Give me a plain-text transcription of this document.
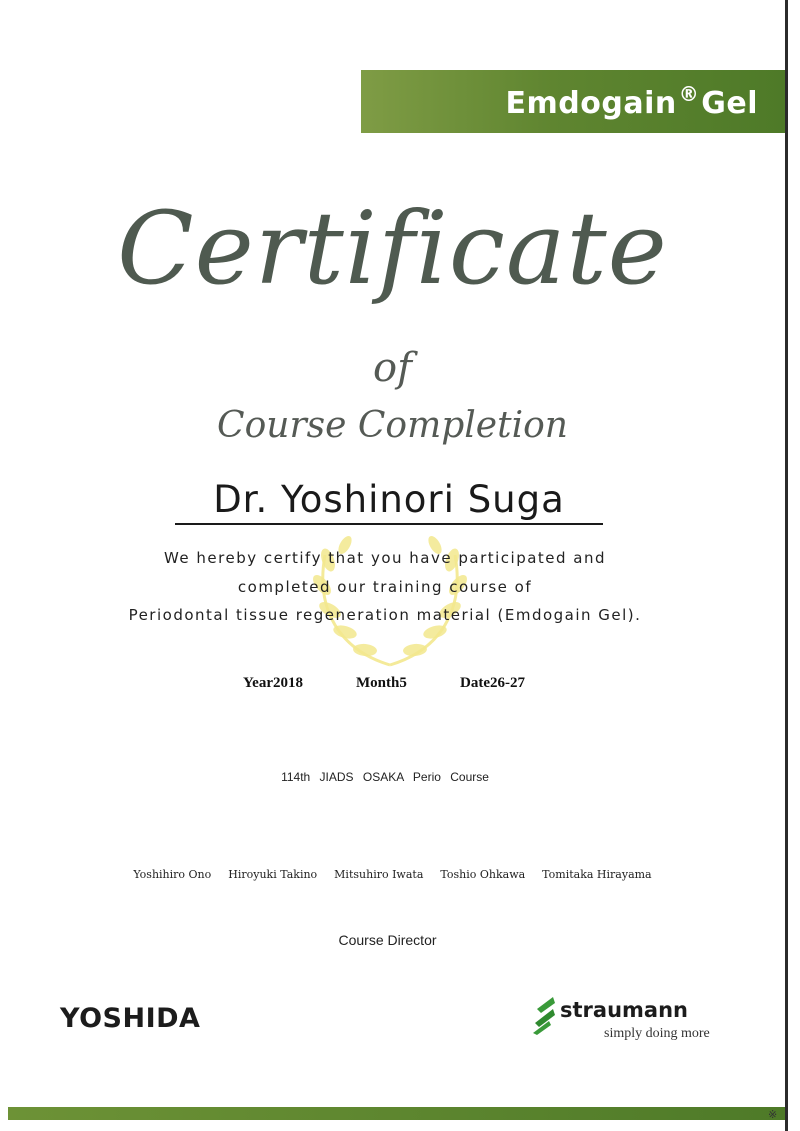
Emdogain ®Gel
Certificate
of
Course Completion
Dr. Yoshinori Suga
We hereby certify that you have participated and
completed our training course of
Periodontal tissue regeneration material (Emdogain Gel).
Year2018	Month5	Date26-27
114th JIADS OSAKA Perio Course
Yoshihiro Ono Hiroyuki Takino Mitsuhiro Iwata Toshio Ohkawa Tomitaka Hirayama
Course Director
YOSHIDA	straumann
simply doing more
※
